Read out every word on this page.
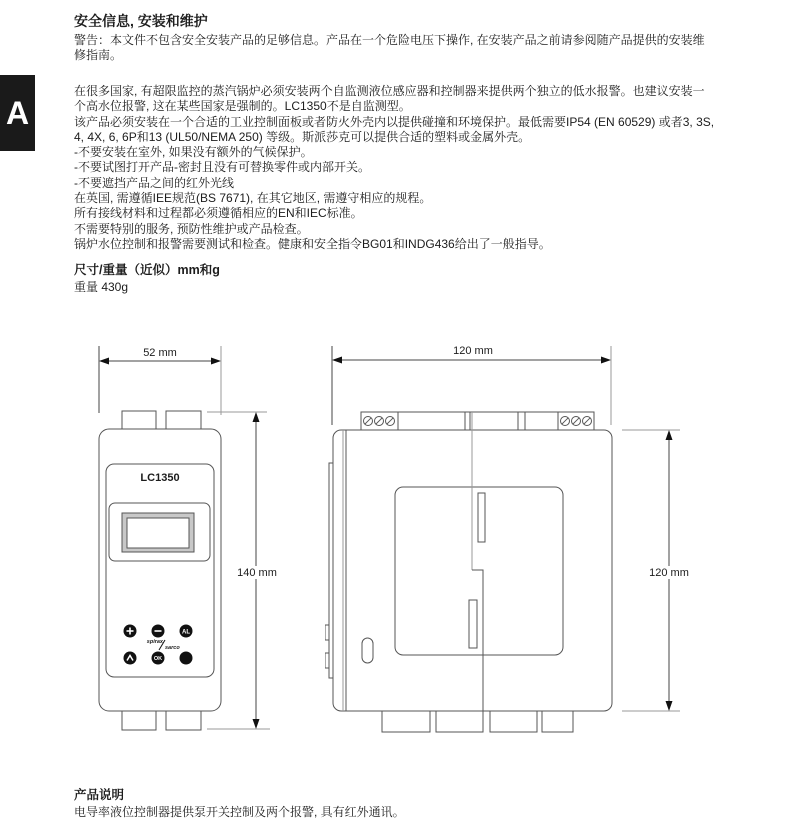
A
安全信息, 安装和维护
警告：本文件不包含安全安装产品的足够信息。产品在一个危险电压下操作, 在安装产品之前请参阅随产品提供的安装维
修指南。
在很多国家, 有超限监控的蒸汽锅炉必须安装两个自监测液位感应器和控制器来提供两个独立的低水报警。也建议安装一
个高水位报警, 这在某些国家是强制的。LC1350不是自监测型。
该产品必须安装在一个合适的工业控制面板或者防火外壳内以提供碰撞和环境保护。最低需要IP54 (EN 60529) 或者3, 3S,
4, 4X, 6, 6P和13 (UL50/NEMA 250) 等级。斯派莎克可以提供合适的塑料或金属外壳。
-不要安装在室外, 如果没有额外的气候保护。
-不要试图打开产品-密封且没有可替换零件或内部开关。
-不要遮挡产品之间的红外光线
在英国, 需遵循IEE规范(BS 7671), 在其它地区, 需遵守相应的规程。
所有接线材料和过程都必须遵循相应的EN和IEC标准。
不需要特别的服务, 预防性维护或产品检查。
锅炉水位控制和报警需要测试和检查。健康和安全指令BG01和INDG436给出了一般指导。
尺寸/重量（近似）mm和g
重量 430g
52 mm
LC1350
AL
spirax
sarco
OK
140 mm
120 mm
120 mm
产品说明
电导率液位控制器提供泵开关控制及两个报警, 具有红外通讯。
